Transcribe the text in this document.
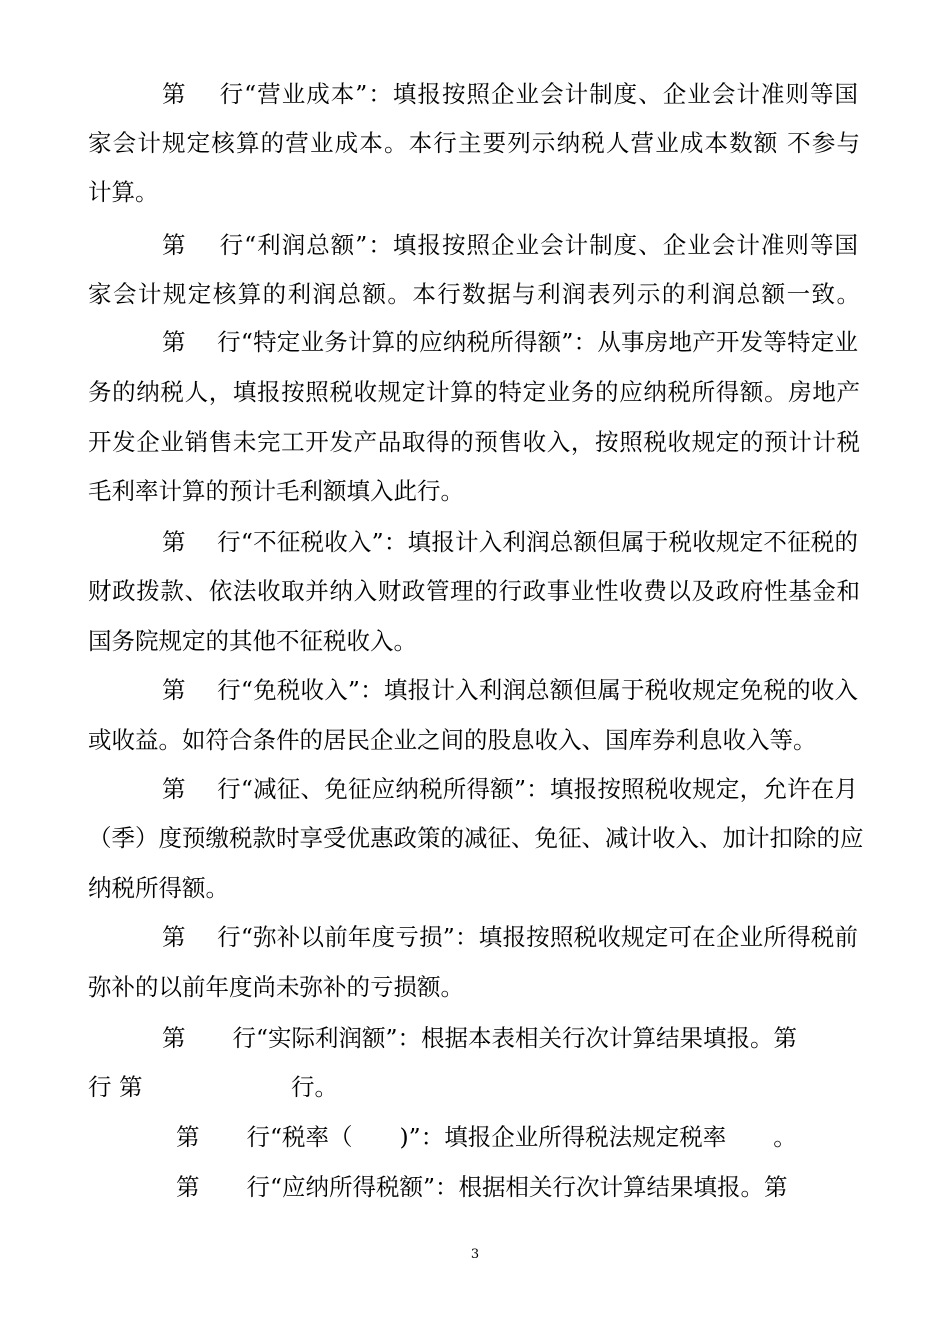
第　 行“营业成本”：填报按照企业会计制度、企业会计准则等国
家会计规定核算的营业成本。本行主要列示纳税人营业成本数额 不参与
计算。
第　 行“利润总额”：填报按照企业会计制度、企业会计准则等国
家会计规定核算的利润总额。本行数据与利润表列示的利润总额一致。
第　 行“特定业务计算的应纳税所得额”：从事房地产开发等特定业
务的纳税人，填报按照税收规定计算的特定业务的应纳税所得额。房地产
开发企业销售未完工开发产品取得的预售收入，按照税收规定的预计计税
毛利率计算的预计毛利额填入此行。
第　 行“不征税收入”：填报计入利润总额但属于税收规定不征税的
财政拨款、依法收取并纳入财政管理的行政事业性收费以及政府性基金和
国务院规定的其他不征税收入。
第　 行“免税收入”：填报计入利润总额但属于税收规定免税的收入
或收益。如符合条件的居民企业之间的股息收入、国库券利息收入等。
第　 行“减征、免征应纳税所得额”：填报按照税收规定，允许在月
（季）度预缴税款时享受优惠政策的减征、免征、减计收入、加计扣除的应
纳税所得额。
第　 行“弥补以前年度亏损”：填报按照税收规定可在企业所得税前
弥补的以前年度尚未弥补的亏损额。
第　　行“实际利润额”：根据本表相关行次计算结果填报。第
行 第　　　　　　 行。
第　　行“税率（　　)”：填报企业所得税法规定税率　　。
第　　行“应纳所得税额”：根据相关行次计算结果填报。第
3
